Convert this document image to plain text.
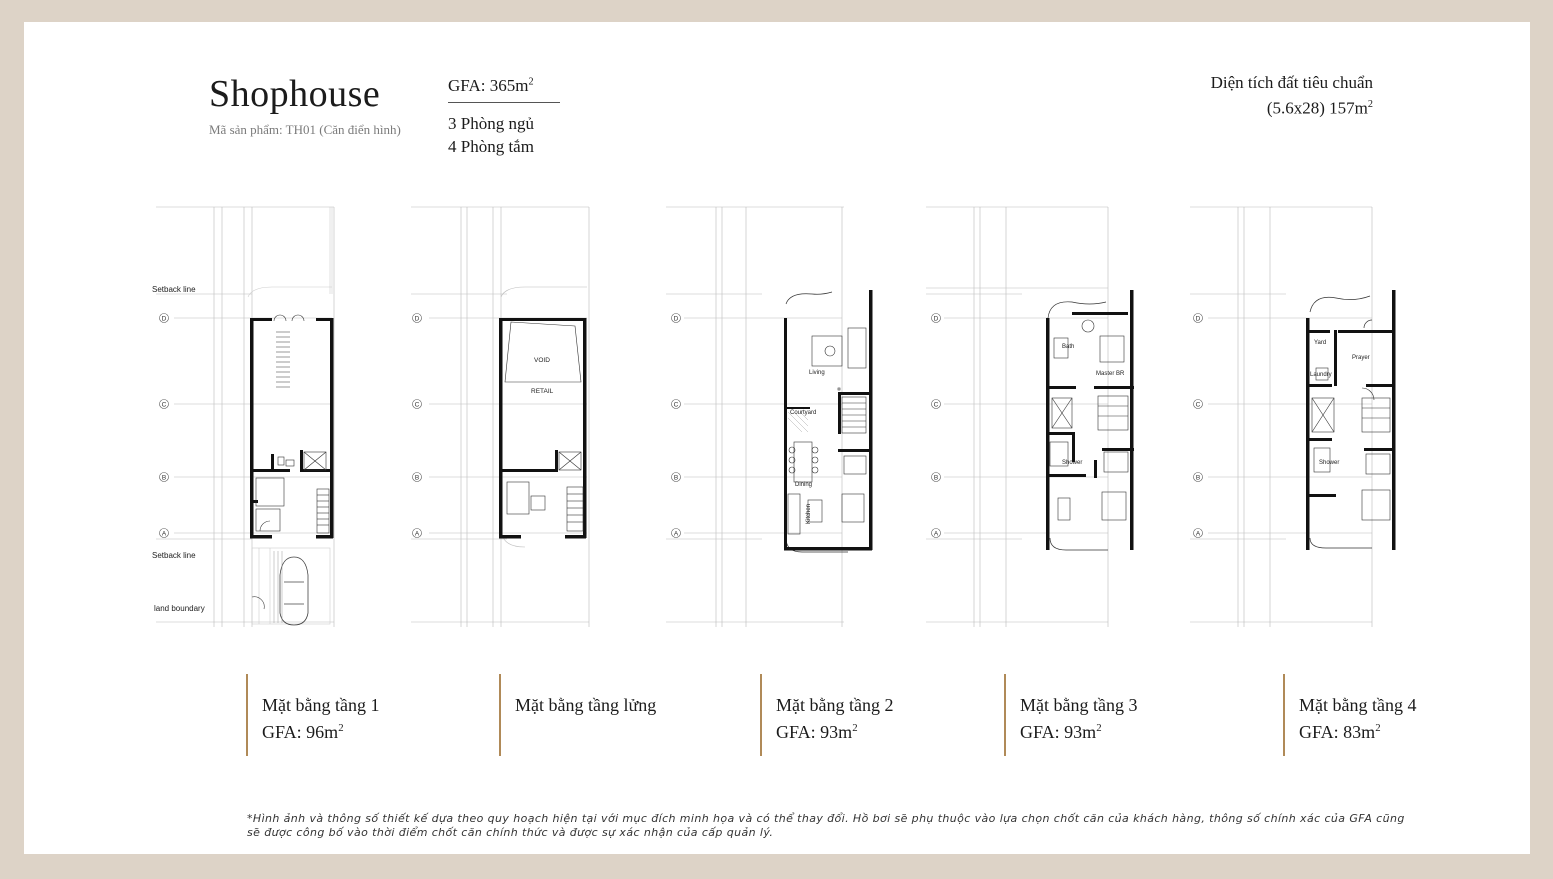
Shophouse
Mã sản phẩm: TH01 (Căn điển hình)
GFA: $365m^2$
3 Phòng ngủ
4 Phòng tắm
Diện tích đất tiêu chuẩn
(5.6x28) $157m^2$
D
C
B
A
Setback line
Setback line
land boundary
D
C
B
A
VOID
RETAIL
D
C
B
A
Living
Courtyard
Dining
Kitchen
D
C
B
A
Bath
Master BR
Shower
D
C
B
A
Yard
Prayer
Laundry
Shower
Mặt bằng tầng 1
GFA: $96m^2$
Mặt bằng tầng lửng	Mặt bằng tầng 2
GFA: $93m^2$
Mặt bằng tầng 3
GFA: $93m^2$
Mặt bằng tầng 4
GFA: $83m^2$
*Hình ảnh và thông số thiết kế dựa theo quy hoạch hiện tại với mục đích minh họa và có thể thay đổi. Hồ bơi sẽ phụ thuộc vào lựa chọn chốt căn của khách hàng, thông số chính xác của GFA cũng sẽ được công bố vào thời điểm chốt căn chính thức và được sự xác nhận của cấp quản lý.
